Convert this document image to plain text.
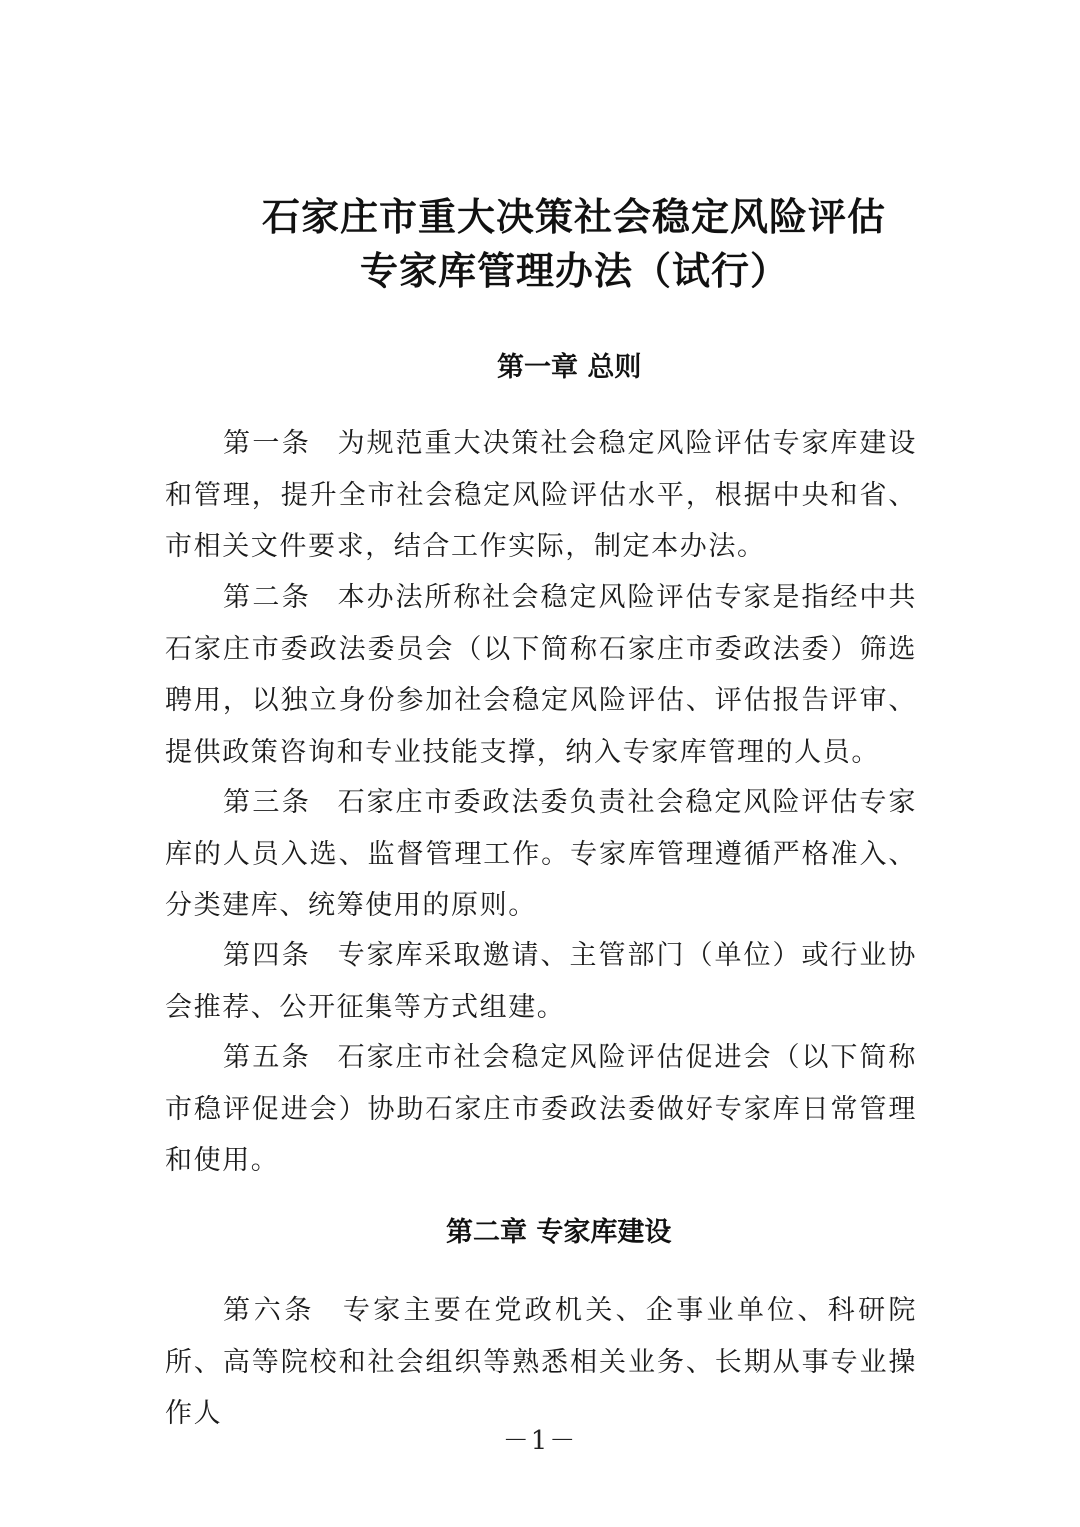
石家庄市重大决策社会稳定风险评估
专家库管理办法（试行）
第一章 总则

第一条 为规范重大决策社会稳定风险评估专家库建设和管理，提升全市社会稳定风险评估水平，根据中央和省、市相关文件要求，结合工作实际，制定本办法。

第二条 本办法所称社会稳定风险评估专家是指经中共石家庄市委政法委员会（以下简称石家庄市委政法委）筛选聘用，以独立身份参加社会稳定风险评估、评估报告评审、提供政策咨询和专业技能支撑，纳入专家库管理的人员。

第三条 石家庄市委政法委负责社会稳定风险评估专家库的人员入选、监督管理工作。专家库管理遵循严格准入、分类建库、统筹使用的原则。

第四条 专家库采取邀请、主管部门（单位）或行业协会推荐、公开征集等方式组建。

第五条 石家庄市社会稳定风险评估促进会（以下简称市稳评促进会）协助石家庄市委政法委做好专家库日常管理和使用。

第二章 专家库建设

第六条 专家主要在党政机关、企事业单位、科研院所、高等院校和社会组织等熟悉相关业务、长期从事专业操作人

－1－
